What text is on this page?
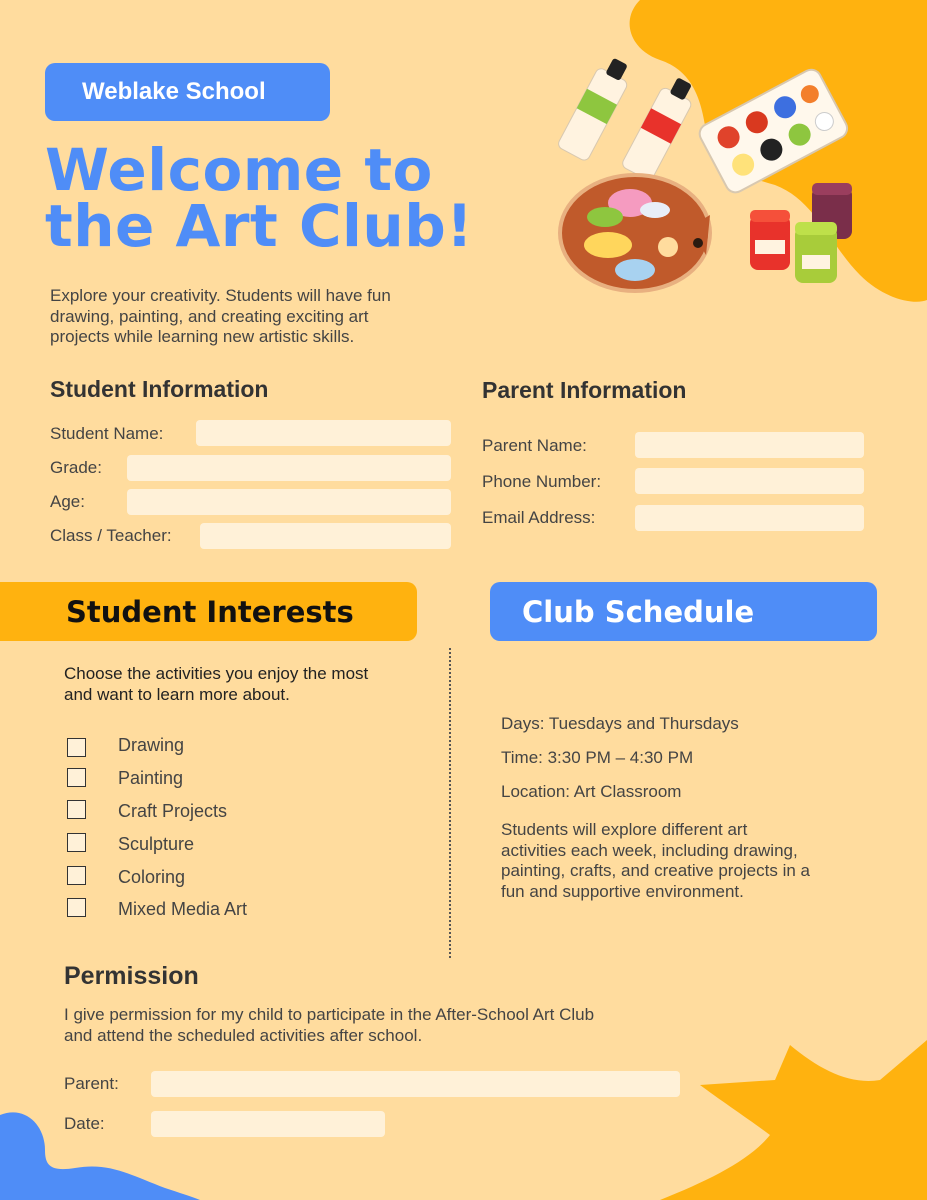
Weblake School
Welcome to
the Art Club!
Explore your creativity. Students will have fun
drawing, painting, and creating exciting art
projects while learning new artistic skills.
Student Information
Student Name:
Grade:
Age:
Class / Teacher:
Parent Information
Parent Name:
Phone Number:
Email Address:
Student Interests	Club Schedule
Choose the activities you enjoy the most
and want to learn more about.
Drawing
Painting
Craft Projects
Sculpture
Coloring
Mixed Media Art
Days: Tuesdays and Thursdays
Time: 3:30 PM – 4:30 PM
Location: Art Classroom
Students will explore different art
activities each week, including drawing,
painting, crafts, and creative projects in a
fun and supportive environment.
Permission
I give permission for my child to participate in the After-School Art Club
and attend the scheduled activities after school.
Parent:
Date:
